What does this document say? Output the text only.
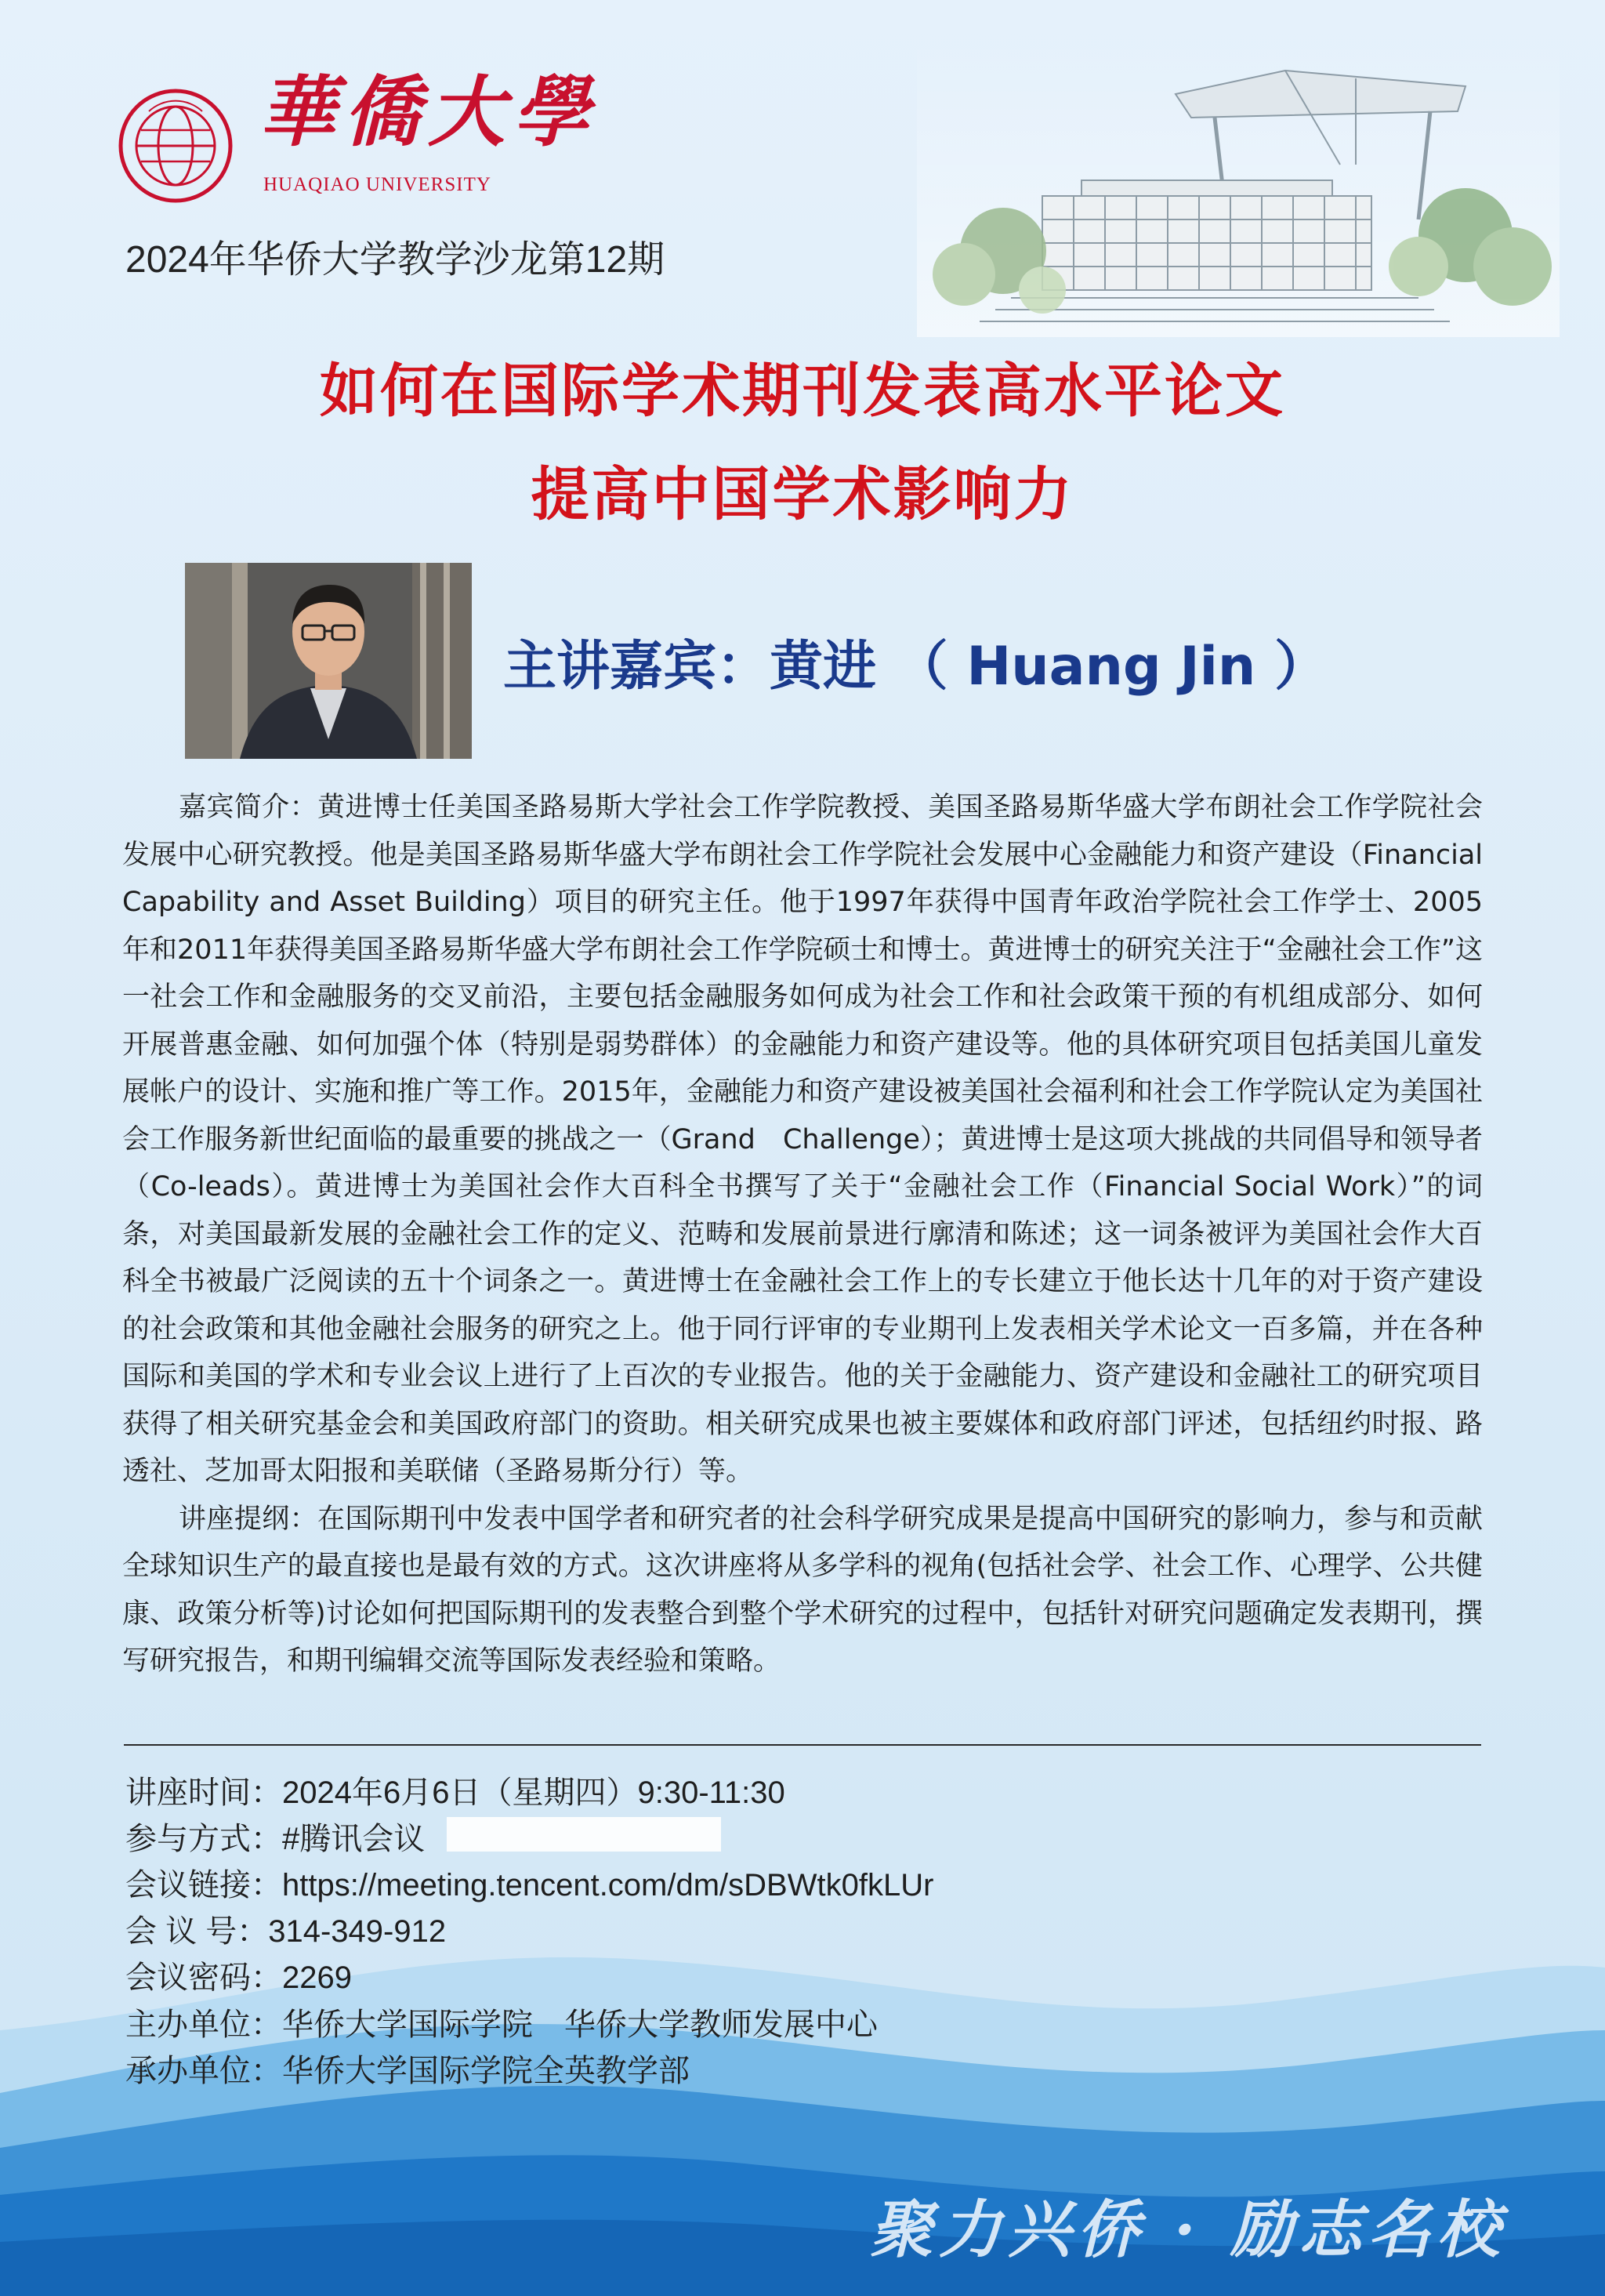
華僑大學
HUAQIAO UNIVERSITY
2024年华侨大学教学沙龙第12期
如何在国际学术期刊发表高水平论文
提高中国学术影响力
主讲嘉宾：黄进 （ Huang Jin ）

嘉宾简介：黄进博士任美国圣路易斯大学社会工作学院教授、美国圣路易斯华盛大学布朗社会工作学院社会发展中心研究教授。他是美国圣路易斯华盛大学布朗社会工作学院社会发展中心金融能力和资产建设（Financial Capability and Asset Building）项目的研究主任。他于1997年获得中国青年政治学院社会工作学士、2005年和2011年获得美国圣路易斯华盛大学布朗社会工作学院硕士和博士。黄进博士的研究关注于“金融社会工作”这一社会工作和金融服务的交叉前沿，主要包括金融服务如何成为社会工作和社会政策干预的有机组成部分、如何开展普惠金融、如何加强个体（特别是弱势群体）的金融能力和资产建设等。他的具体研究项目包括美国儿童发展帐户的设计、实施和推广等工作。2015年，金融能力和资产建设被美国社会福利和社会工作学院认定为美国社会工作服务新世纪面临的最重要的挑战之一（Grand　Challenge）；黄进博士是这项大挑战的共同倡导和领导者（Co-leads）。黄进博士为美国社会作大百科全书撰写了关于“金融社会工作（Financial Social Work）”的词条，对美国最新发展的金融社会工作的定义、范畴和发展前景进行廓清和陈述；这一词条被评为美国社会作大百科全书被最广泛阅读的五十个词条之一。黄进博士在金融社会工作上的专长建立于他长达十几年的对于资产建设的社会政策和其他金融社会服务的研究之上。他于同行评审的专业期刊上发表相关学术论文一百多篇，并在各种国际和美国的学术和专业会议上进行了上百次的专业报告。他的关于金融能力、资产建设和金融社工的研究项目获得了相关研究基金会和美国政府部门的资助。相关研究成果也被主要媒体和政府部门评述，包括纽约时报、路透社、芝加哥太阳报和美联储（圣路易斯分行）等。

讲座提纲：在国际期刊中发表中国学者和研究者的社会科学研究成果是提高中国研究的影响力，参与和贡献全球知识生产的最直接也是最有效的方式。这次讲座将从多学科的视角(包括社会学、社会工作、心理学、公共健康、政策分析等)讨论如何把国际期刊的发表整合到整个学术研究的过程中，包括针对研究问题确定发表期刊，撰写研究报告，和期刊编辑交流等国际发表经验和策略。

讲座时间：2024年6月6日（星期四）9:30-11:30
参与方式：#腾讯会议
会议链接：https://meeting.tencent.com/dm/sDBWtk0fkLUr
会 议 号：314-349-912
会议密码：2269
主办单位：华侨大学国际学院　华侨大学教师发展中心
承办单位：华侨大学国际学院全英教学部
聚力兴侨 · 励志名校
